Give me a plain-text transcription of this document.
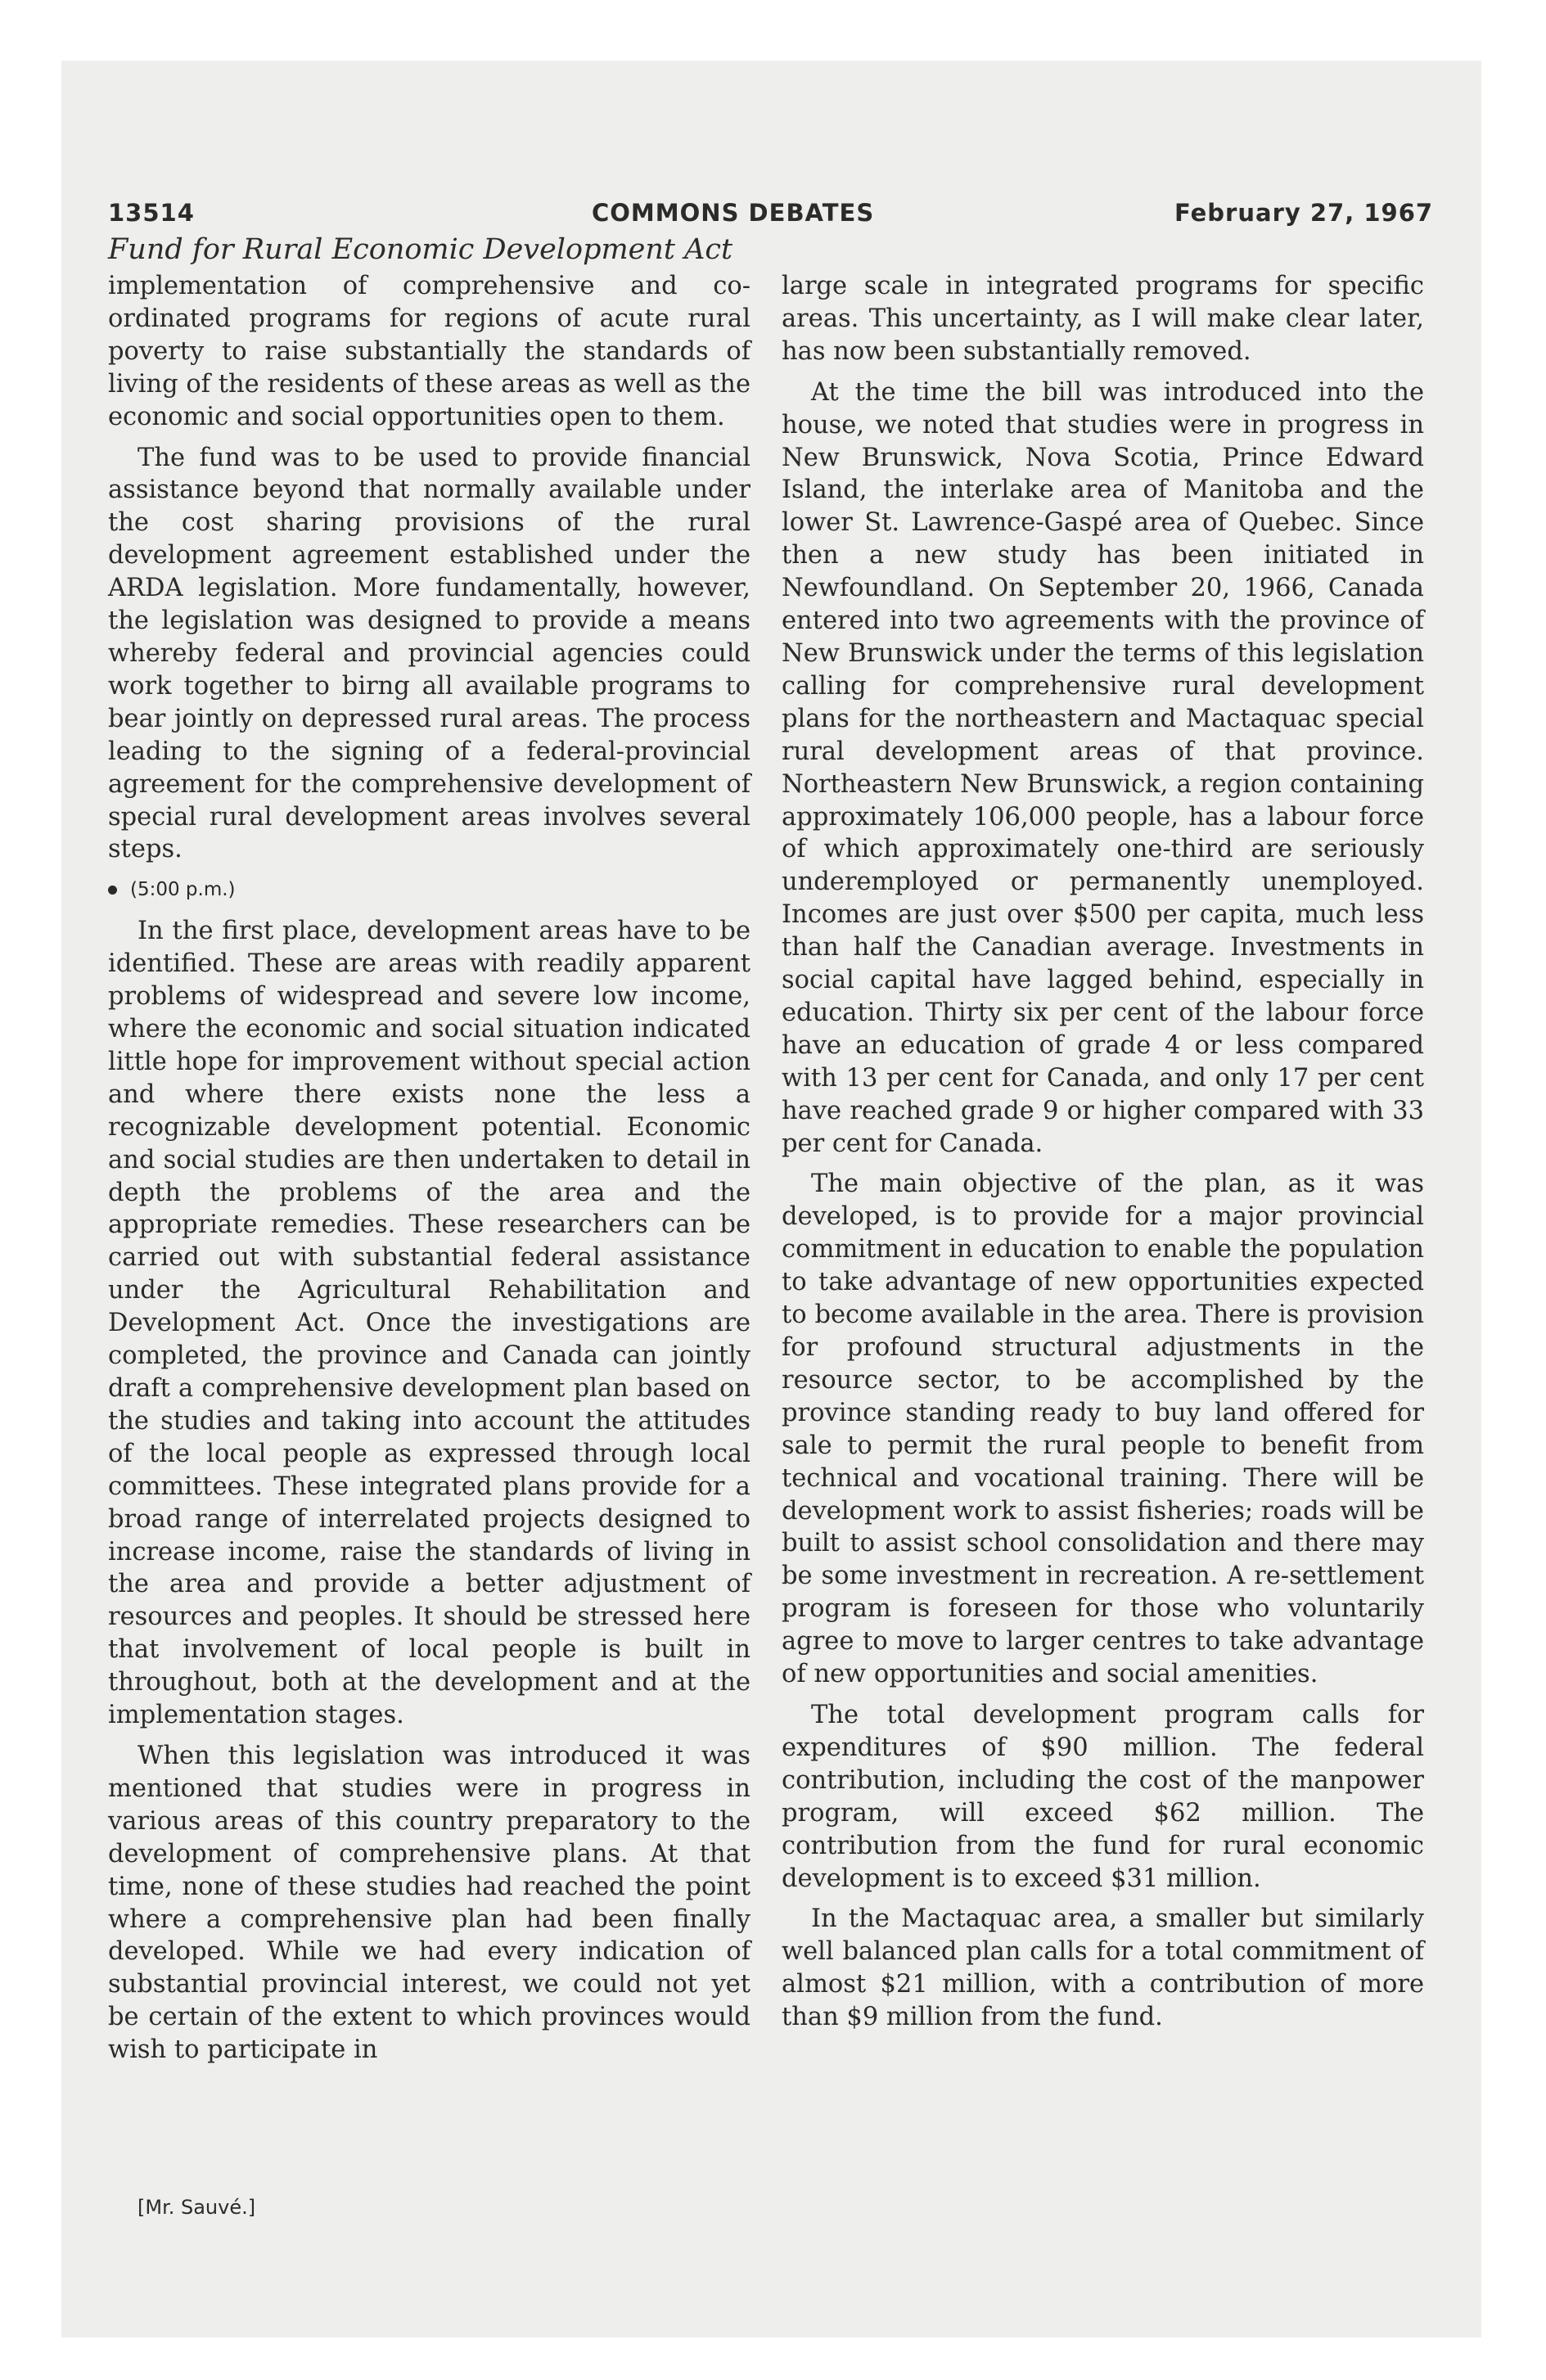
13514	COMMONS DEBATES	February 27, 1967
Fund for Rural Economic Development Act

implementation of comprehensive and co-ordinated programs for regions of acute rural poverty to raise substantially the standards of living of the residents of these areas as well as the economic and social opportunities open to them.

The fund was to be used to provide financial assistance beyond that normally available under the cost sharing provisions of the rural development agreement established under the ARDA legislation. More fundamentally, however, the legislation was designed to provide a means whereby federal and provincial agencies could work together to birng all available programs to bear jointly on depressed rural areas. The process leading to the signing of a federal-provincial agreement for the comprehensive development of special rural development areas involves several steps.

(5:00 p.m.)

In the first place, development areas have to be identified. These are areas with readily apparent problems of widespread and severe low income, where the economic and social situation indicated little hope for improvement without special action and where there exists none the less a recognizable development potential. Economic and social studies are then undertaken to detail in depth the problems of the area and the appropriate remedies. These researchers can be carried out with substantial federal assistance under the Agricultural Rehabilitation and Development Act. Once the investigations are completed, the province and Canada can jointly draft a comprehensive development plan based on the studies and taking into account the attitudes of the local people as expressed through local committees. These integrated plans provide for a broad range of interrelated projects designed to increase income, raise the standards of living in the area and provide a better adjustment of resources and peoples. It should be stressed here that involvement of local people is built in throughout, both at the development and at the implementation stages.

When this legislation was introduced it was mentioned that studies were in progress in various areas of this country preparatory to the development of comprehensive plans. At that time, none of these studies had reached the point where a comprehensive plan had been finally developed. While we had every indication of substantial provincial interest, we could not yet be certain of the extent to which provinces would wish to participate in

large scale in integrated programs for specific areas. This uncertainty, as I will make clear later, has now been substantially removed.

At the time the bill was introduced into the house, we noted that studies were in progress in New Brunswick, Nova Scotia, Prince Edward Island, the interlake area of Manitoba and the lower St. Lawrence-Gaspé area of Quebec. Since then a new study has been initiated in Newfoundland. On September 20, 1966, Canada entered into two agreements with the province of New Brunswick under the terms of this legislation calling for comprehensive rural development plans for the northeastern and Mactaquac special rural development areas of that province. Northeastern New Brunswick, a region containing approximately 106,000 people, has a labour force of which approximately one-third are seriously underemployed or permanently unemployed. Incomes are just over $500 per capita, much less than half the Canadian average. Investments in social capital have lagged behind, especially in education. Thirty six per cent of the labour force have an education of grade 4 or less compared with 13 per cent for Canada, and only 17 per cent have reached grade 9 or higher compared with 33 per cent for Canada.

The main objective of the plan, as it was developed, is to provide for a major provincial commitment in education to enable the population to take advantage of new opportunities expected to become available in the area. There is provision for profound structural adjustments in the resource sector, to be accomplished by the province standing ready to buy land offered for sale to permit the rural people to benefit from technical and vocational training. There will be development work to assist fisheries; roads will be built to assist school consolidation and there may be some investment in recreation. A re-settlement program is foreseen for those who voluntarily agree to move to larger centres to take advantage of new opportunities and social amenities.

The total development program calls for expenditures of $90 million. The federal contribution, including the cost of the manpower program, will exceed $62 million. The contribution from the fund for rural economic development is to exceed $31 million.

In the Mactaquac area, a smaller but similarly well balanced plan calls for a total commitment of almost $21 million, with a contribution of more than $9 million from the fund.

[Mr. Sauvé.]
